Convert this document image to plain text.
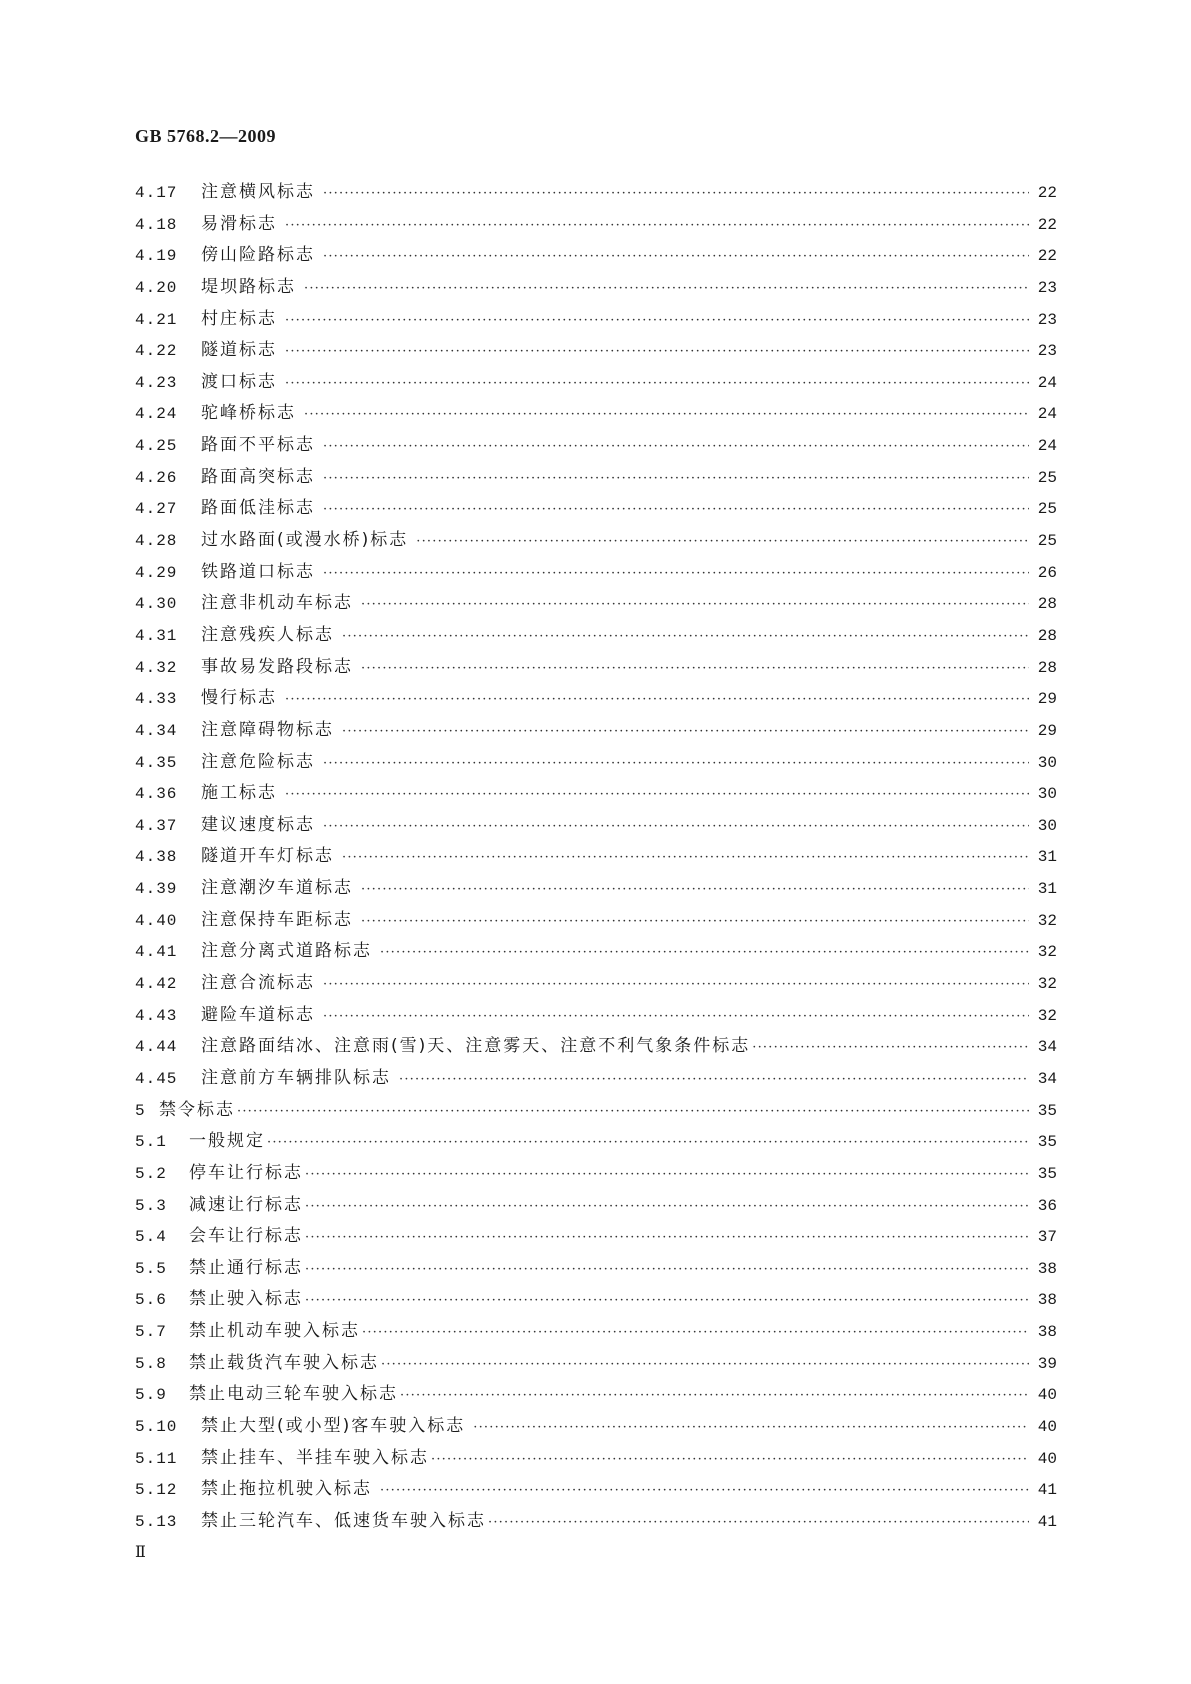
GB 5768.2—2009
4.17	注意横风标志 ·····	22
4.18	易滑标志 ·····	22
4.19	傍山险路标志 ·····	22
4.20	堤坝路标志 ·····	23
4.21	村庄标志 ·····	23
4.22	隧道标志 ·····	23
4.23	渡口标志 ·····	24
4.24	驼峰桥标志 ·····	24
4.25	路面不平标志 ·····	24
4.26	路面高突标志 ·····	25
4.27	路面低洼标志 ·····	25
4.28	过水路面(或漫水桥)标志 ·····	25
4.29	铁路道口标志 ·····	26
4.30	注意非机动车标志 ·····	28
4.31	注意残疾人标志 ·····	28
4.32	事故易发路段标志 ·····	28
4.33	慢行标志 ·····	29
4.34	注意障碍物标志 ·····	29
4.35	注意危险标志 ·····	30
4.36	施工标志 ·····	30
4.37	建议速度标志 ·····	30
4.38	隧道开车灯标志 ·····	31
4.39	注意潮汐车道标志 ·····	31
4.40	注意保持车距标志 ·····	32
4.41	注意分离式道路标志 ·····	32
4.42	注意合流标志 ·····	32
4.43	避险车道标志 ·····	32
4.44	注意路面结冰、注意雨(雪)天、注意雾天、注意不利气象条件标志 ·····	34
4.45	注意前方车辆排队标志 ·····	34
5 禁令标志 ·····	35
5.1	一般规定 ·····	35
5.2	停车让行标志 ·····	35
5.3	减速让行标志 ·····	36
5.4	会车让行标志 ·····	37
5.5	禁止通行标志 ·····	38
5.6	禁止驶入标志 ·····	38
5.7	禁止机动车驶入标志 ·····	38
5.8	禁止载货汽车驶入标志 ·····	39
5.9	禁止电动三轮车驶入标志 ·····	40
5.10	禁止大型(或小型)客车驶入标志 ·····	40
5.11	禁止挂车、半挂车驶入标志 ·····	40
5.12	禁止拖拉机驶入标志 ·····	41
5.13	禁止三轮汽车、低速货车驶入标志 ·····	41
Ⅱ
